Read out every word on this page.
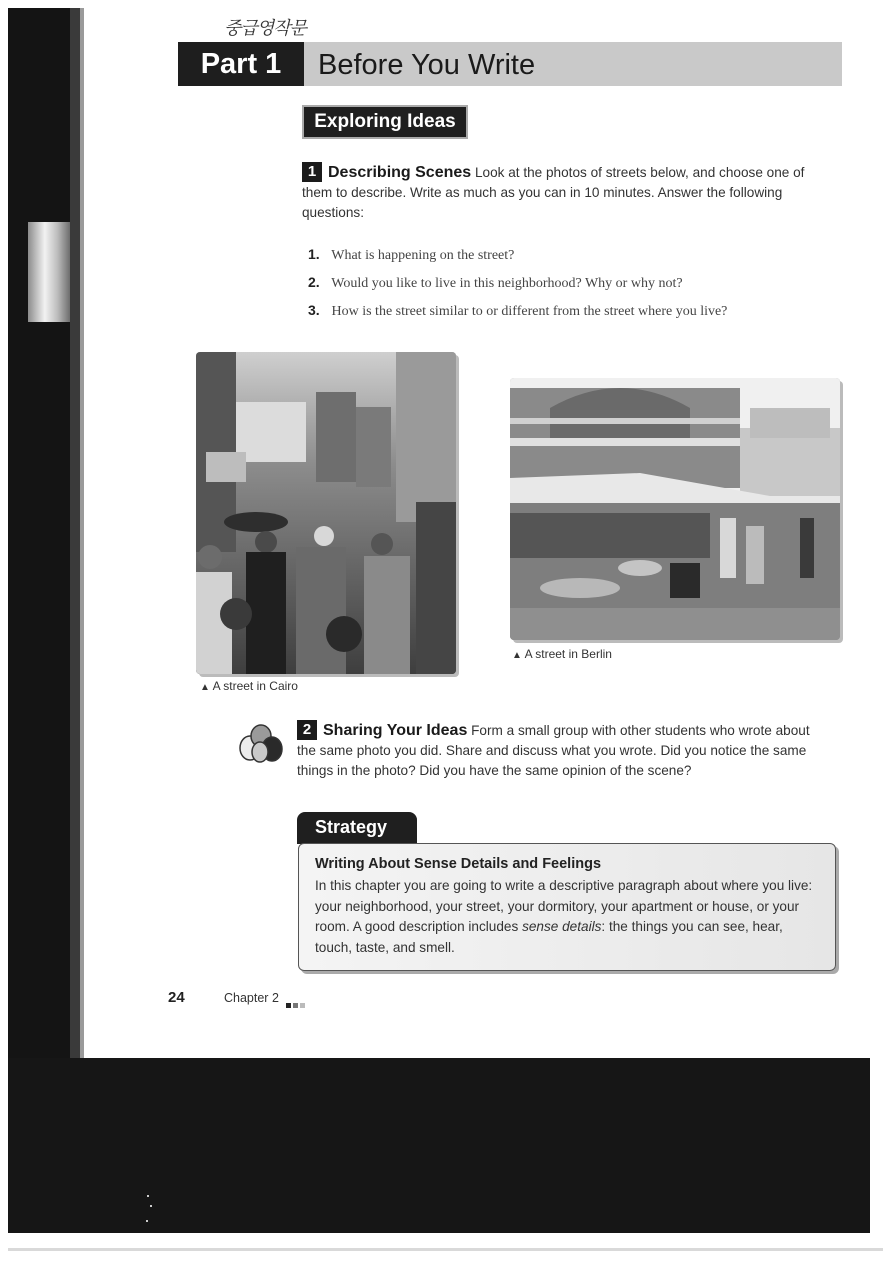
중급영작문
Part 1	Before You Write
Exploring Ideas
1 Describing Scenes Look at the photos of streets below, and choose one of them to describe. Write as much as you can in 10 minutes. Answer the following questions:
1. What is happening on the street?
2. Would you like to live in this neighborhood? Why or why not?
3. How is the street similar to or different from the street where you live?
▲ A street in Cairo
▲ A street in Berlin
2 Sharing Your Ideas Form a small group with other students who wrote about the same photo you did. Share and discuss what you wrote. Did you notice the same things in the photo? Did you have the same opinion of the scene?
Strategy
Writing About Sense Details and Feelings
In this chapter you are going to write a descriptive paragraph about where you live: your neighborhood, your street, your dormitory, your apartment or house, or your room. A good description includes sense details: the things you can see, hear, touch, taste, and smell.
24	Chapter 2
